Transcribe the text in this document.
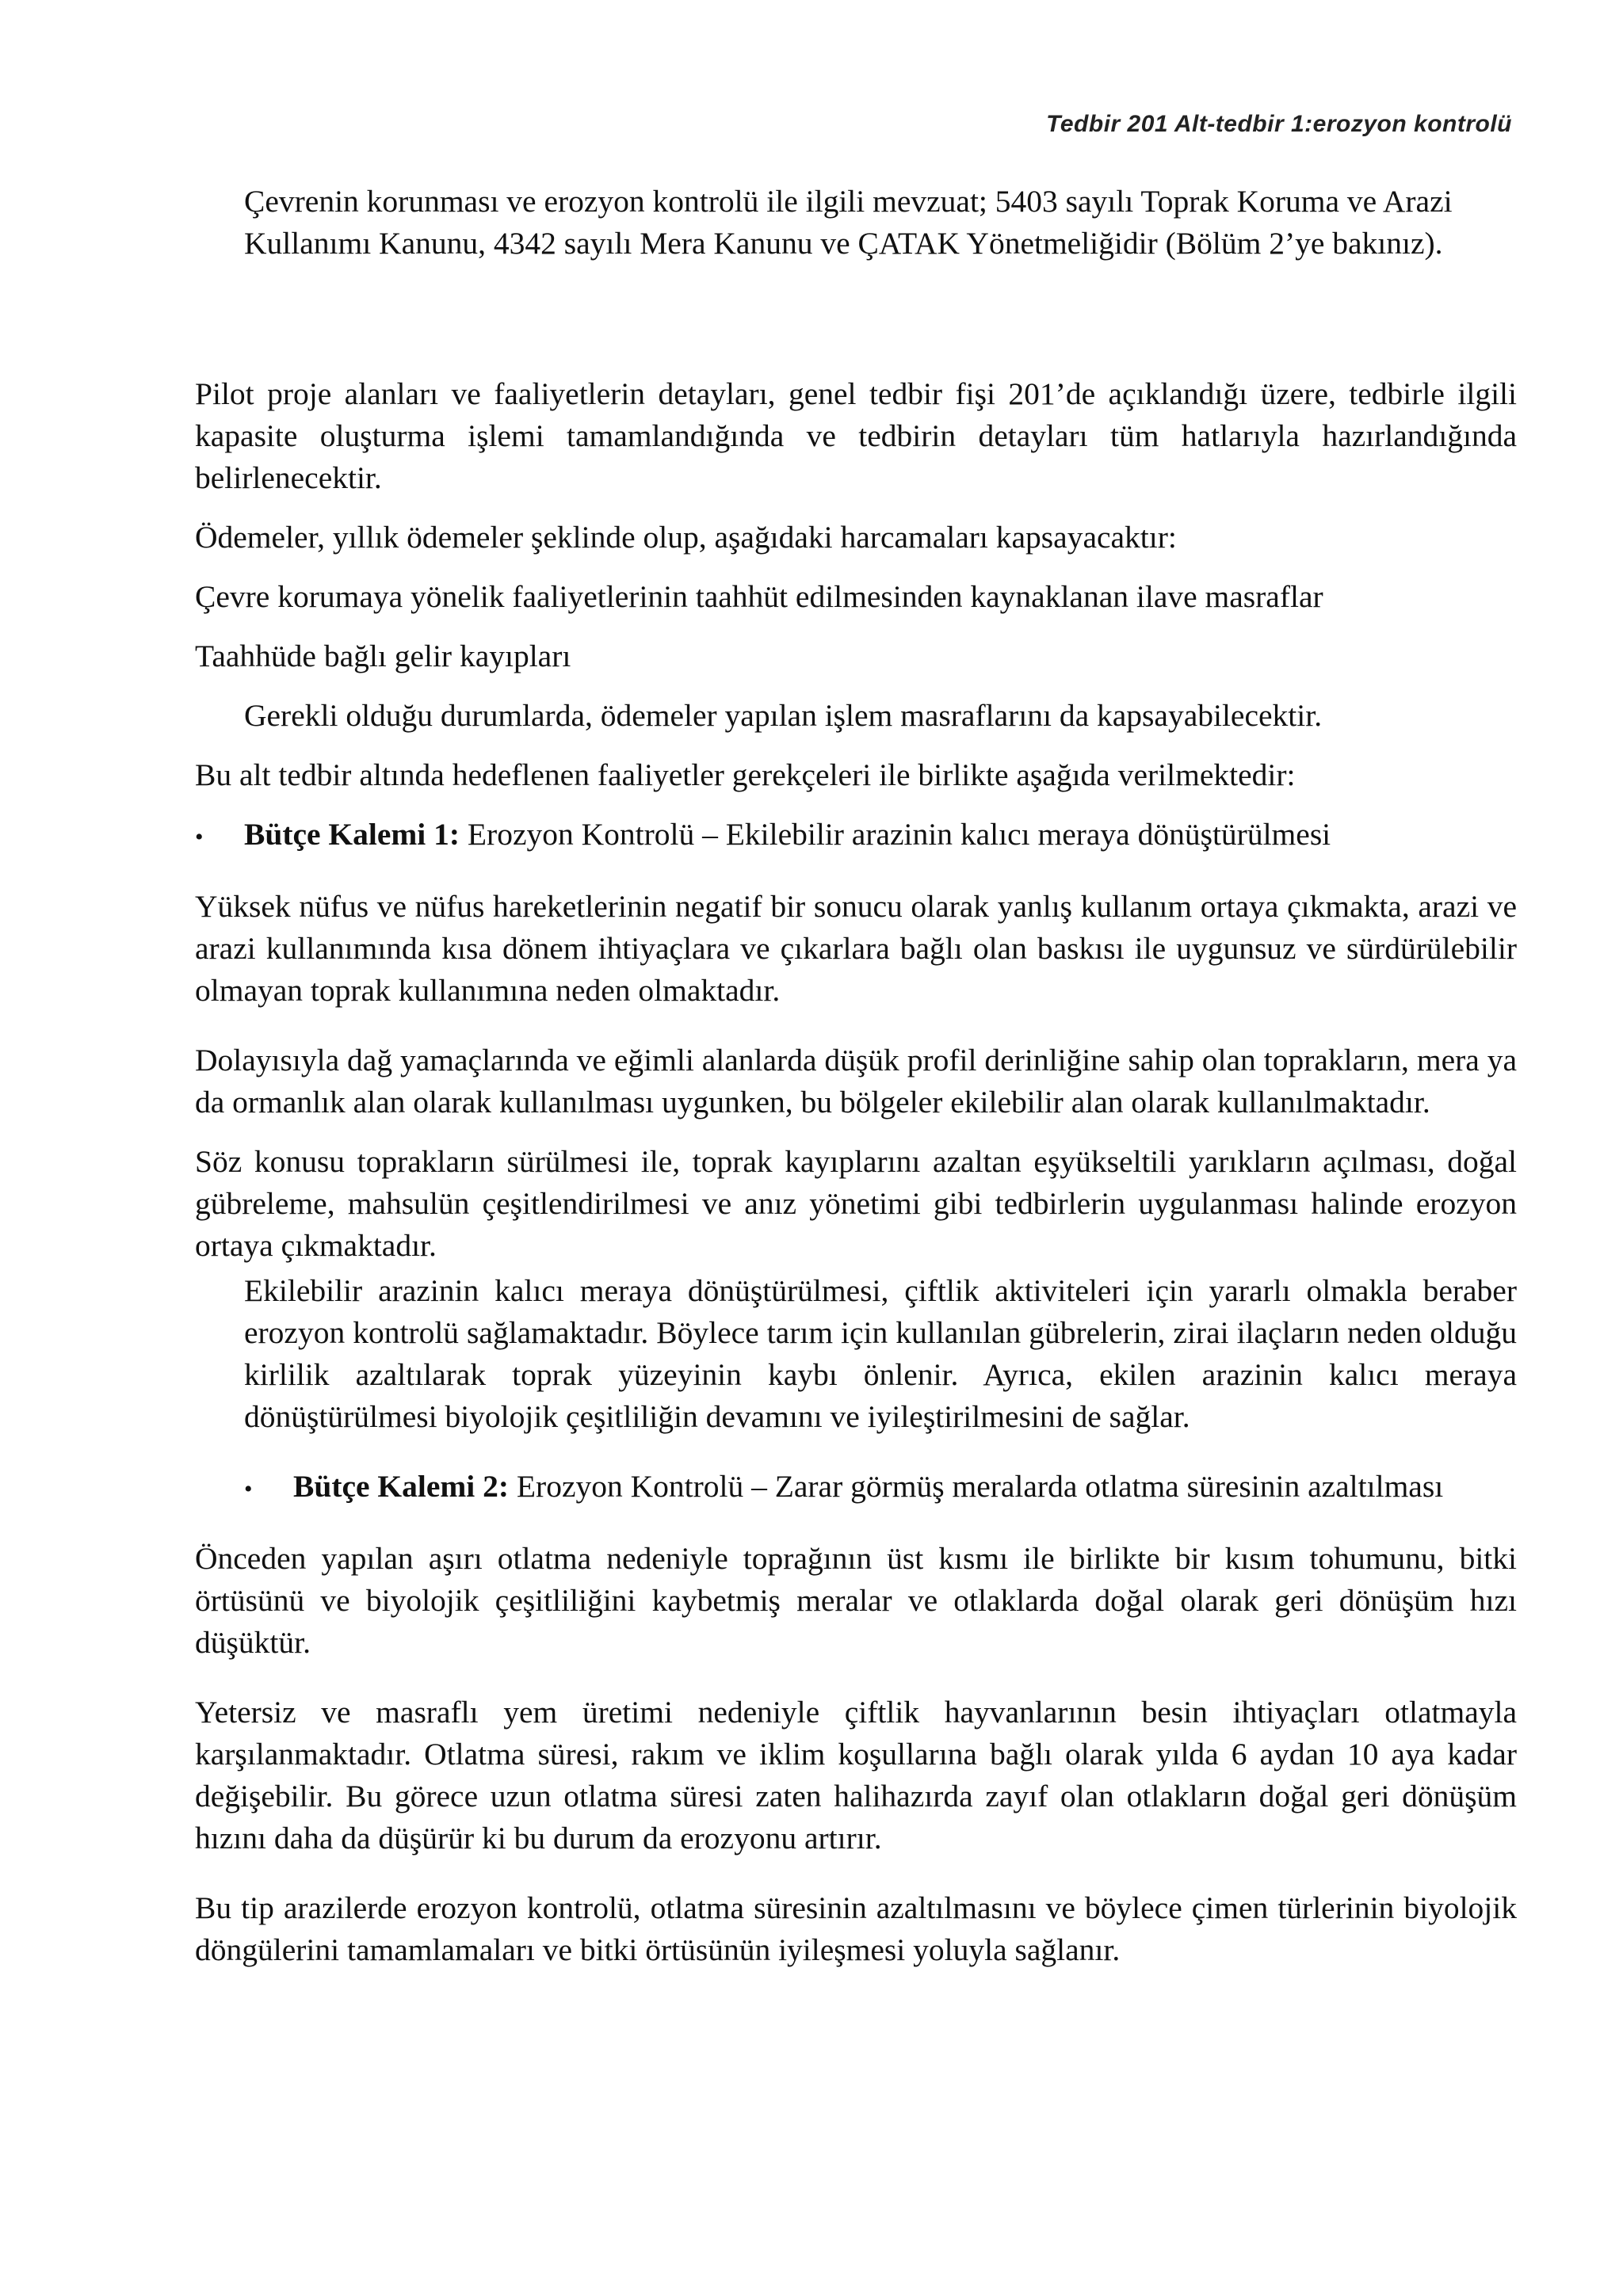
Tedbir 201 Alt-tedbir 1:erozyon kontrolü

Çevrenin korunması ve erozyon kontrolü ile ilgili mevzuat; 5403 sayılı Toprak Koruma ve Arazi Kullanımı Kanunu, 4342 sayılı Mera Kanunu ve ÇATAK Yönetmeliğidir (Bölüm 2’ye bakınız).

Pilot proje alanları ve faaliyetlerin detayları, genel tedbir fişi 201’de açıklandığı üzere, tedbirle ilgili kapasite oluşturma işlemi tamamlandığında ve tedbirin detayları tüm hatlarıyla hazırlandığında belirlenecektir.

Ödemeler, yıllık ödemeler şeklinde olup, aşağıdaki harcamaları kapsayacaktır:

Çevre korumaya yönelik faaliyetlerinin taahhüt edilmesinden kaynaklanan ilave masraflar

Taahhüde bağlı gelir kayıpları

Gerekli olduğu durumlarda, ödemeler yapılan işlem masraflarını da kapsayabilecektir.

Bu alt tedbir altında hedeflenen faaliyetler gerekçeleri ile birlikte aşağıda verilmektedir:

•	Bütçe Kalemi 1: Erozyon Kontrolü – Ekilebilir arazinin kalıcı meraya dönüştürülmesi

Yüksek nüfus ve nüfus hareketlerinin negatif bir sonucu olarak yanlış kullanım ortaya çıkmakta, arazi ve arazi kullanımında kısa dönem ihtiyaçlara ve çıkarlara bağlı olan baskısı ile uygunsuz ve sürdürülebilir olmayan toprak kullanımına neden olmaktadır.

Dolayısıyla dağ yamaçlarında ve eğimli alanlarda düşük profil derinliğine sahip olan toprakların, mera ya da ormanlık alan olarak kullanılması uygunken, bu bölgeler ekilebilir alan olarak kullanılmaktadır.

Söz konusu toprakların sürülmesi ile, toprak kayıplarını azaltan eşyükseltili yarıkların açılması, doğal gübreleme, mahsulün çeşitlendirilmesi ve anız yönetimi gibi tedbirlerin uygulanması halinde erozyon ortaya çıkmaktadır.

Ekilebilir arazinin kalıcı meraya dönüştürülmesi, çiftlik aktiviteleri için yararlı olmakla beraber erozyon kontrolü sağlamaktadır. Böylece tarım için kullanılan gübrelerin, zirai ilaçların neden olduğu kirlilik azaltılarak toprak yüzeyinin kaybı önlenir. Ayrıca, ekilen arazinin kalıcı meraya dönüştürülmesi biyolojik çeşitliliğin devamını ve iyileştirilmesini de sağlar.

•	Bütçe Kalemi 2: Erozyon Kontrolü – Zarar görmüş meralarda otlatma süresinin azaltılması

Önceden yapılan aşırı otlatma nedeniyle toprağının üst kısmı ile birlikte bir kısım tohumunu, bitki örtüsünü ve biyolojik çeşitliliğini kaybetmiş meralar ve otlaklarda doğal olarak geri dönüşüm hızı düşüktür.

Yetersiz ve masraflı yem üretimi nedeniyle çiftlik hayvanlarının besin ihtiyaçları otlatmayla karşılanmaktadır. Otlatma süresi, rakım ve iklim koşullarına bağlı olarak yılda 6 aydan 10 aya kadar değişebilir. Bu görece uzun otlatma süresi zaten halihazırda zayıf olan otlakların doğal geri dönüşüm hızını daha da düşürür ki bu durum da erozyonu artırır.

Bu tip arazilerde erozyon kontrolü, otlatma süresinin azaltılmasını ve böylece çimen türlerinin biyolojik döngülerini tamamlamaları ve bitki örtüsünün iyileşmesi yoluyla sağlanır.
